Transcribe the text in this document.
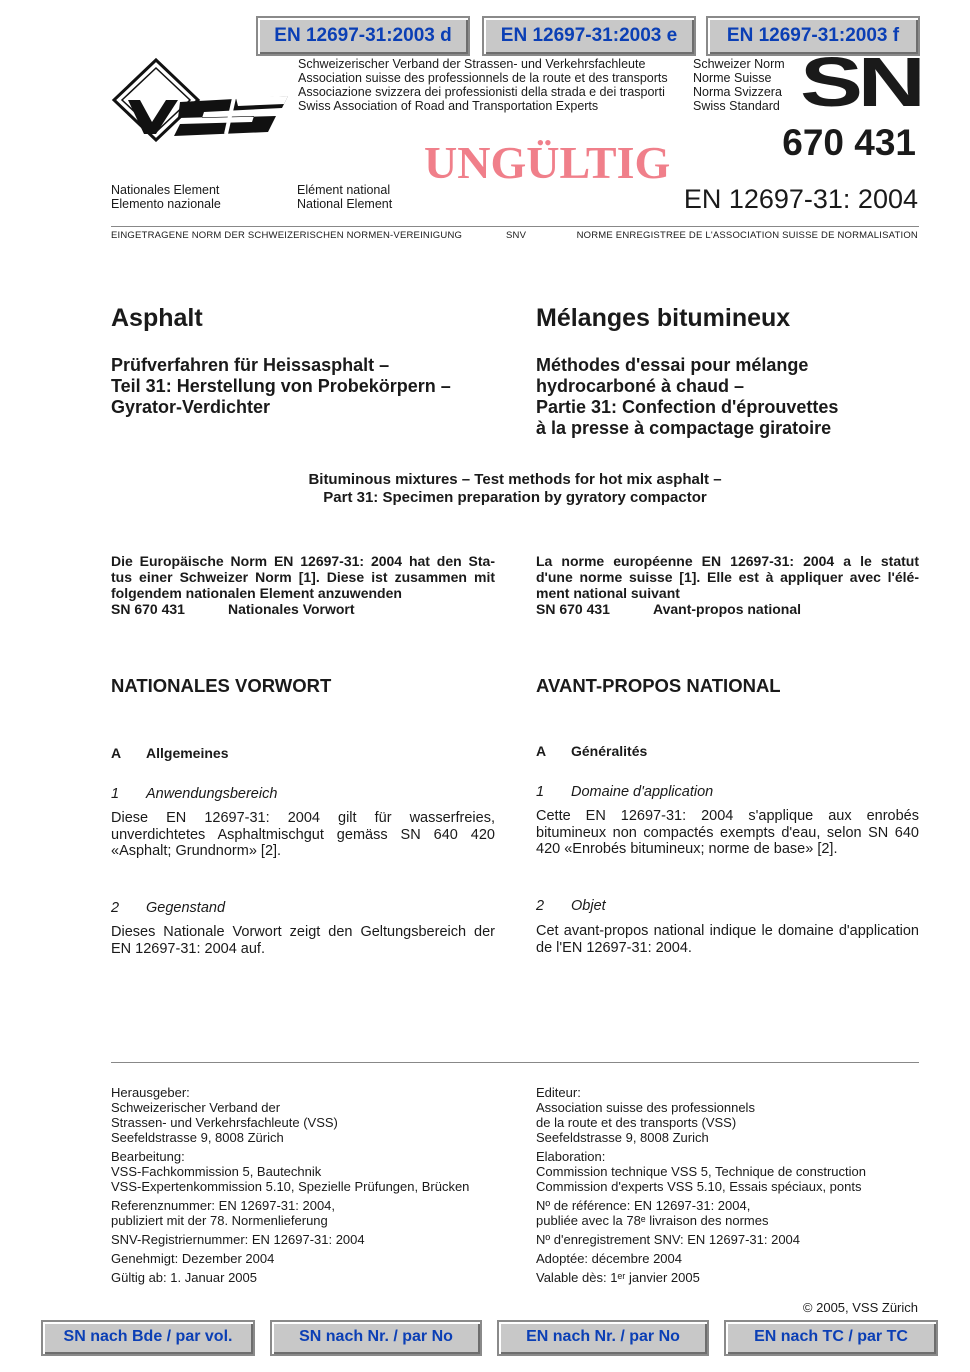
EN 12697-31:2003 d	EN 12697-31:2003 e	EN 12697-31:2003 f
Schweizerischer Verband der Strassen- und Verkehrsfachleute
Association suisse des professionnels de la route et des transports
Associazione svizzera dei professionisti della strada e dei trasporti
Swiss Association of Road and Transportation Experts
Schweizer Norm
Norme Suisse
Norma Svizzera
Swiss Standard SN
670 431
UNGÜLTIG
Nationales Element
Elemento nazionale
Elément national
National Element	EN 12697-31: 2004
EINGETRAGENE NORM DER SCHWEIZERISCHEN NORMEN-VEREINIGUNG	SNV	NORME ENREGISTREE DE L'ASSOCIATION SUISSE DE NORMALISATION
Asphalt	Mélanges bitumineux
Prüfverfahren für Heissasphalt –
Teil 31: Herstellung von Probekörpern –
Gyrator-Verdichter
Méthodes d'essai pour mélange
hydrocarboné à chaud –
Partie 31: Confection d'éprouvettes
à la presse à compactage giratoire
Bituminous mixtures – Test methods for hot mix asphalt –
Part 31: Specimen preparation by gyratory compactor
Die Europäische Norm EN 12697-31: 2004 hat den Sta-
tus einer Schweizer Norm [1]. Diese ist zusammen mit
folgendem nationalen Element anzuwenden
SN 670 431	Nationales Vorwort
La norme européenne EN 12697-31: 2004 a le statut
d'une norme suisse [1]. Elle est à appliquer avec l'élé-
ment national suivant
SN 670 431	Avant-propos national
NATIONALES VORWORT	AVANT-PROPOS NATIONAL
A Allgemeines	A Généralités
1 Anwendungsbereich	1 Domaine d'application
Diese EN 12697-31: 2004 gilt für wasserfreies, unverdichtetes Asphaltmischgut gemäss SN 640 420 «Asphalt; Grundnorm» [2].
Cette EN 12697-31: 2004 s'applique aux enrobés bitumineux non compactés exempts d'eau, selon SN 640 420 «Enrobés bitumineux; norme de base» [2].
2 Gegenstand	2 Objet
Dieses Nationale Vorwort zeigt den Geltungsbereich der EN 12697-31: 2004 auf.
Cet avant-propos national indique le domaine d'application de l'EN 12697-31: 2004.
Herausgeber:
Schweizerischer Verband der
Strassen- und Verkehrsfachleute (VSS)
Seefeldstrasse 9, 8008 Zürich
Bearbeitung:
VSS-Fachkommission 5, Bautechnik
VSS-Expertenkommission 5.10, Spezielle Prüfungen, Brücken
Referenznummer: EN 12697-31: 2004,
publiziert mit der 78. Normenlieferung
SNV-Registriernummer: EN 12697-31: 2004
Genehmigt: Dezember 2004
Gültig ab: 1. Januar 2005
Editeur:
Association suisse des professionnels
de la route et des transports (VSS)
Seefeldstrasse 9, 8008 Zurich
Elaboration:
Commission technique VSS 5, Technique de construction
Commission d'experts VSS 5.10, Essais spéciaux, ponts
Nº de référence: EN 12697-31: 2004,
publiée avec la 78ᵉ livraison des normes
Nº d'enregistrement SNV: EN 12697-31: 2004
Adoptée: décembre 2004
Valable dès: 1ᵉʳ janvier 2005
© 2005, VSS Zürich
SN nach Bde / par vol.	SN nach Nr. / par No	EN nach Nr. / par No	EN nach TC / par TC
